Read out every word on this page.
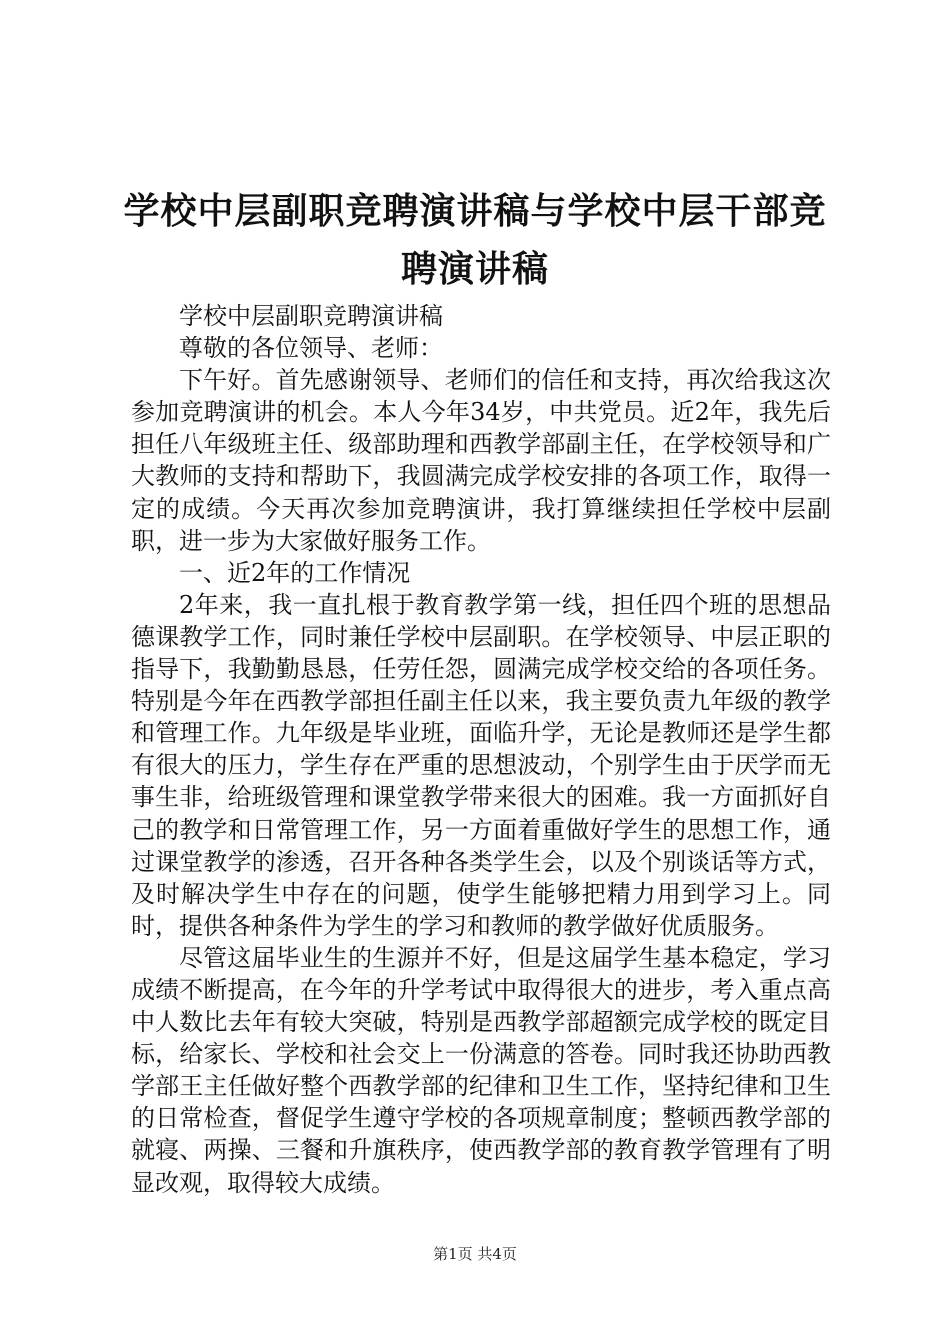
学校中层副职竞聘演讲稿与学校中层干部竞聘演讲稿

学校中层副职竞聘演讲稿

尊敬的各位领导、老师：

下午好。首先感谢领导、老师们的信任和支持，再次给我这次参加竞聘演讲的机会。本人今年34岁，中共党员。近2年，我先后担任八年级班主任、级部助理和西教学部副主任，在学校领导和广大教师的支持和帮助下，我圆满完成学校安排的各项工作，取得一定的成绩。今天再次参加竞聘演讲，我打算继续担任学校中层副职，进一步为大家做好服务工作。

一、近2年的工作情况

2年来，我一直扎根于教育教学第一线，担任四个班的思想品德课教学工作，同时兼任学校中层副职。在学校领导、中层正职的指导下，我勤勤恳恳，任劳任怨，圆满完成学校交给的各项任务。特别是今年在西教学部担任副主任以来，我主要负责九年级的教学和管理工作。九年级是毕业班，面临升学，无论是教师还是学生都有很大的压力，学生存在严重的思想波动，个别学生由于厌学而无事生非，给班级管理和课堂教学带来很大的困难。我一方面抓好自己的教学和日常管理工作，另一方面着重做好学生的思想工作，通过课堂教学的渗透，召开各种各类学生会，以及个别谈话等方式，及时解决学生中存在的问题，使学生能够把精力用到学习上。同时，提供各种条件为学生的学习和教师的教学做好优质服务。

尽管这届毕业生的生源并不好，但是这届学生基本稳定，学习成绩不断提高，在今年的升学考试中取得很大的进步，考入重点高中人数比去年有较大突破，特别是西教学部超额完成学校的既定目标，给家长、学校和社会交上一份满意的答卷。同时我还协助西教学部王主任做好整个西教学部的纪律和卫生工作，坚持纪律和卫生的日常检查，督促学生遵守学校的各项规章制度；整顿西教学部的就寝、两操、三餐和升旗秩序，使西教学部的教育教学管理有了明显改观，取得较大成绩。

第1页 共4页
